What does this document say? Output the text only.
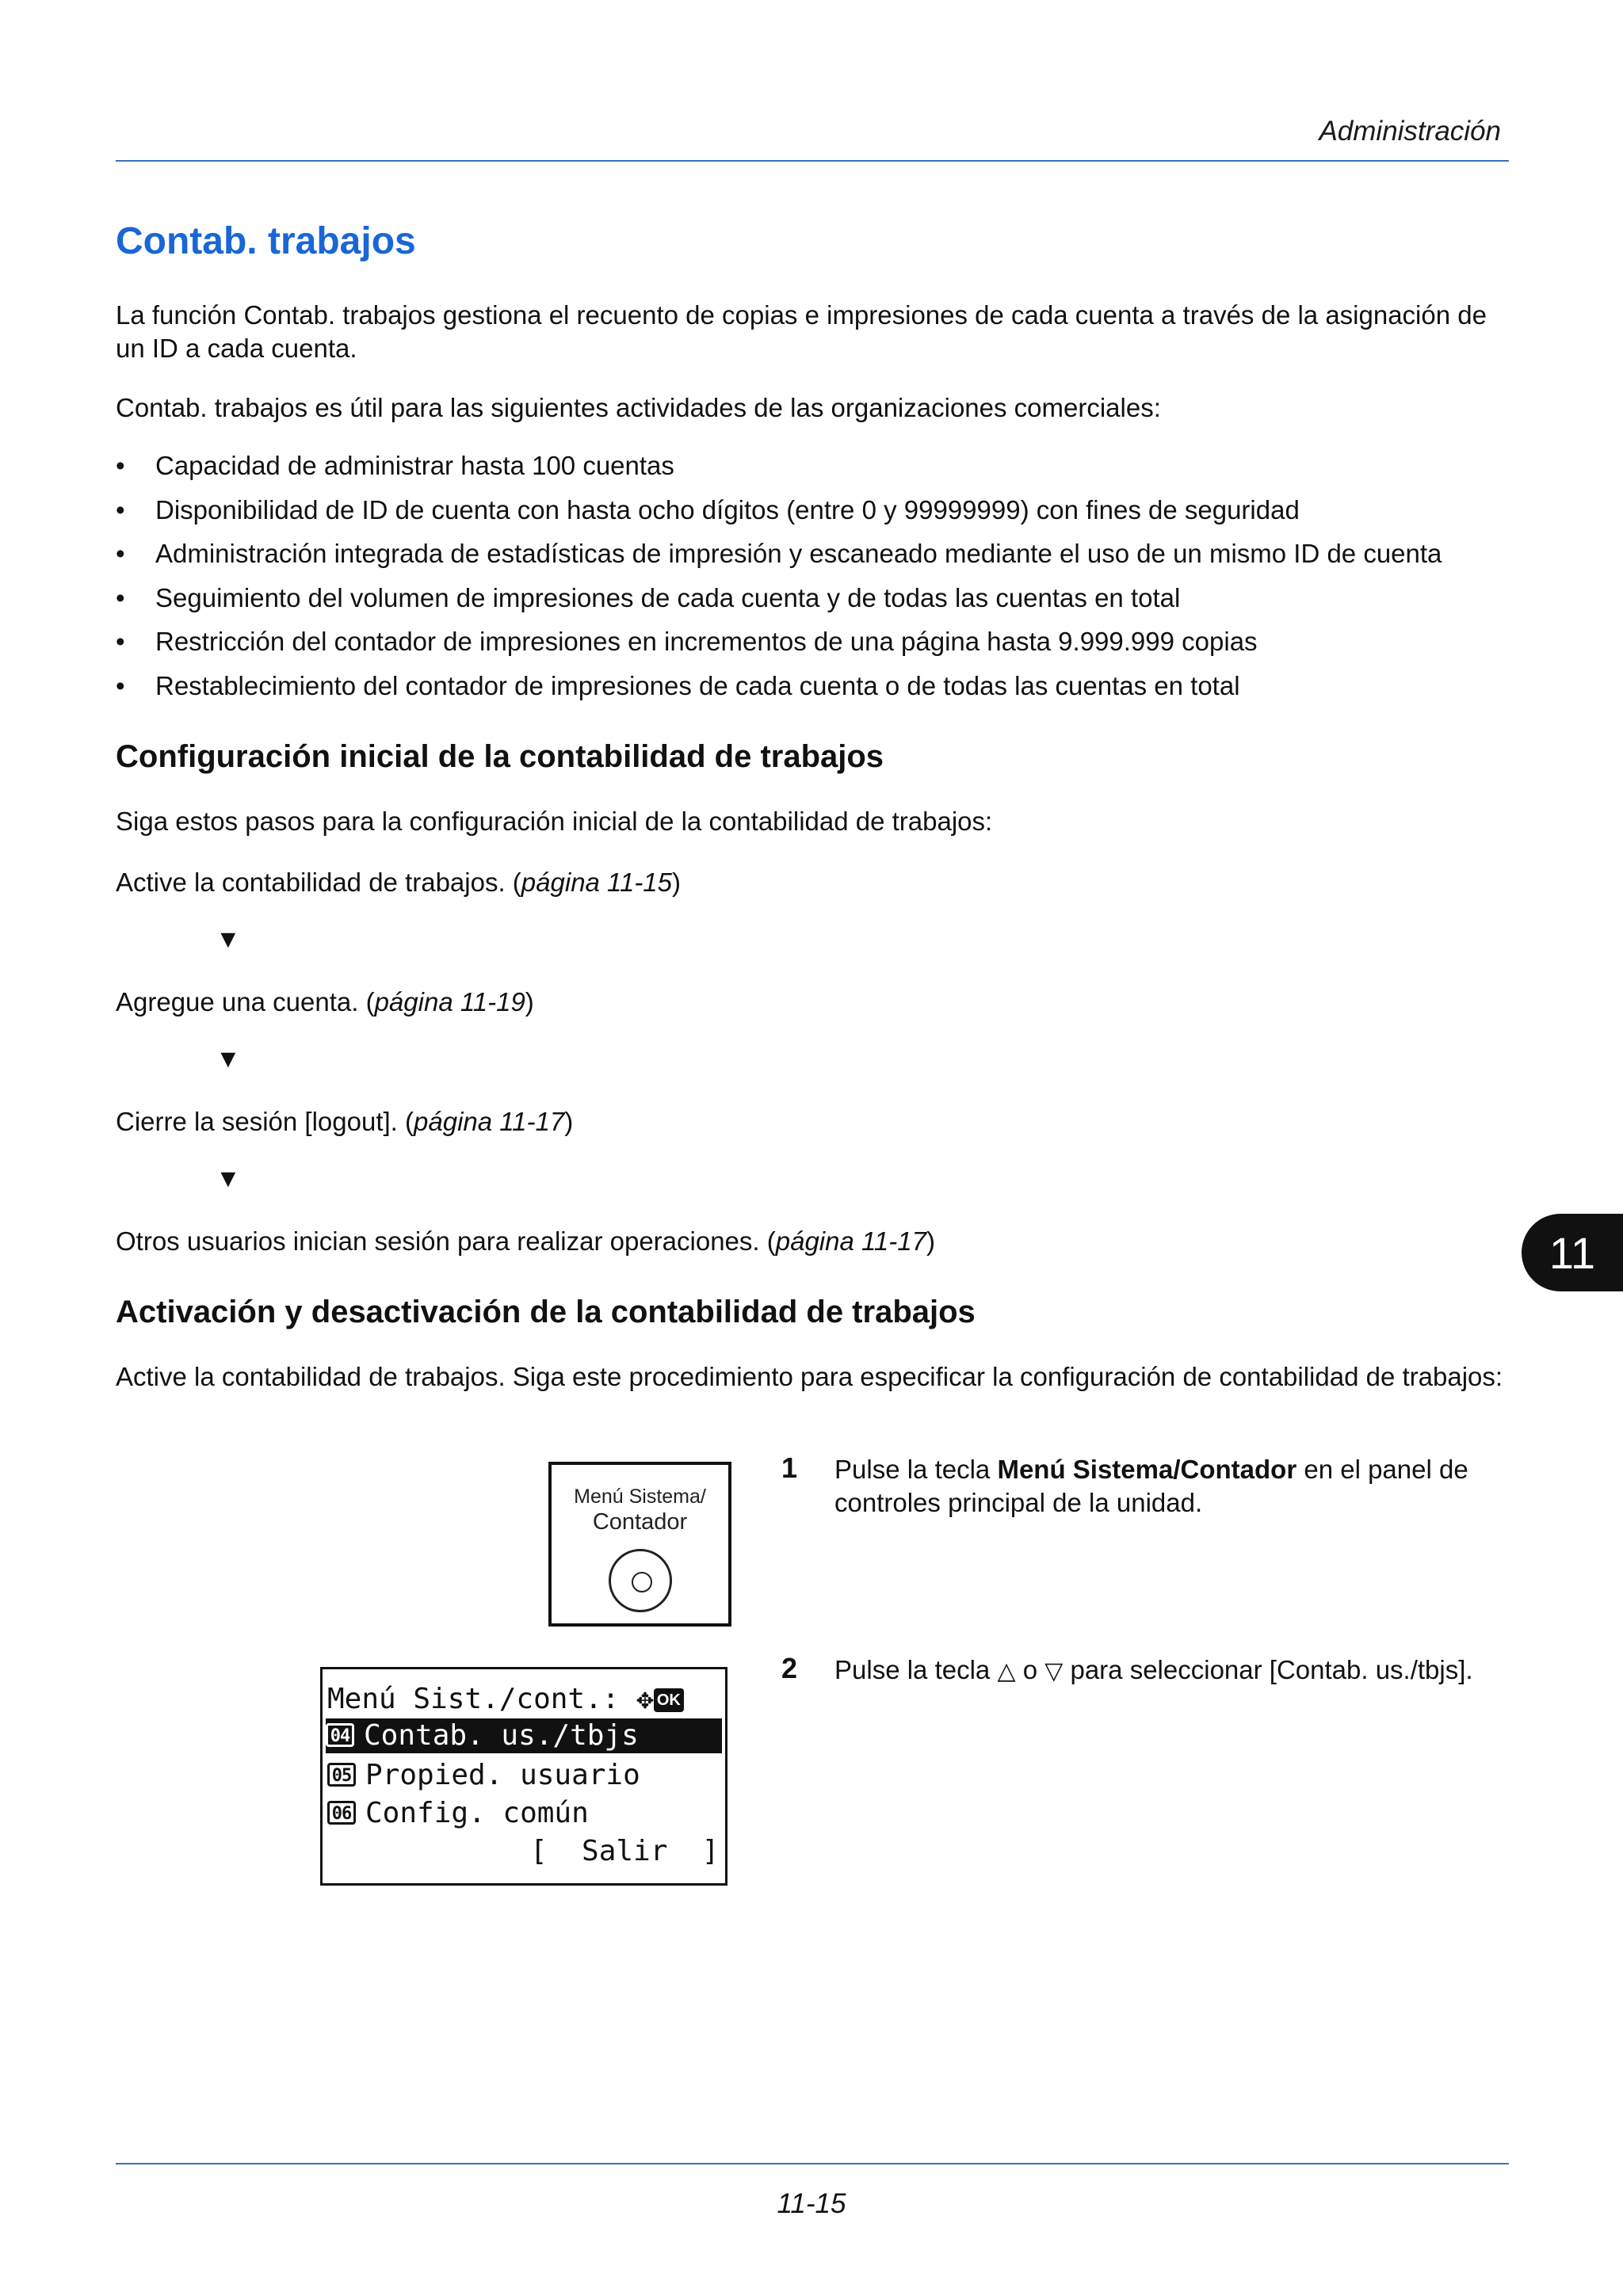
Administración
Contab. trabajos
La función Contab. trabajos gestiona el recuento de copias e impresiones de cada cuenta a través de la asignación de un ID a cada cuenta.
Contab. trabajos es útil para las siguientes actividades de las organizaciones comerciales:
• Capacidad de administrar hasta 100 cuentas
• Disponibilidad de ID de cuenta con hasta ocho dígitos (entre 0 y 99999999) con fines de seguridad
• Administración integrada de estadísticas de impresión y escaneado mediante el uso de un mismo ID de cuenta
• Seguimiento del volumen de impresiones de cada cuenta y de todas las cuentas en total
• Restricción del contador de impresiones en incrementos de una página hasta 9.999.999 copias
• Restablecimiento del contador de impresiones de cada cuenta o de todas las cuentas en total
Configuración inicial de la contabilidad de trabajos
Siga estos pasos para la configuración inicial de la contabilidad de trabajos:
Active la contabilidad de trabajos. (página 11-15)
▼
Agregue una cuenta. (página 11-19)
▼
Cierre la sesión [logout]. (página 11-17)
▼
Otros usuarios inician sesión para realizar operaciones. (página 11-17)	11
Activación y desactivación de la contabilidad de trabajos
Active la contabilidad de trabajos. Siga este procedimiento para especificar la configuración de contabilidad de trabajos:
Menú Sistema/
Contador
1 Pulse la tecla Menú Sistema/Contador en el panel de controles principal de la unidad.
2 Pulse la tecla △ o ▽ para seleccionar [Contab. us./tbjs].
Menú Sist./cont.: ✥ OK
04 Contab. us./tbjs
05 Propied. usuario
06 Config. común
[  Salir  ]
11-15
